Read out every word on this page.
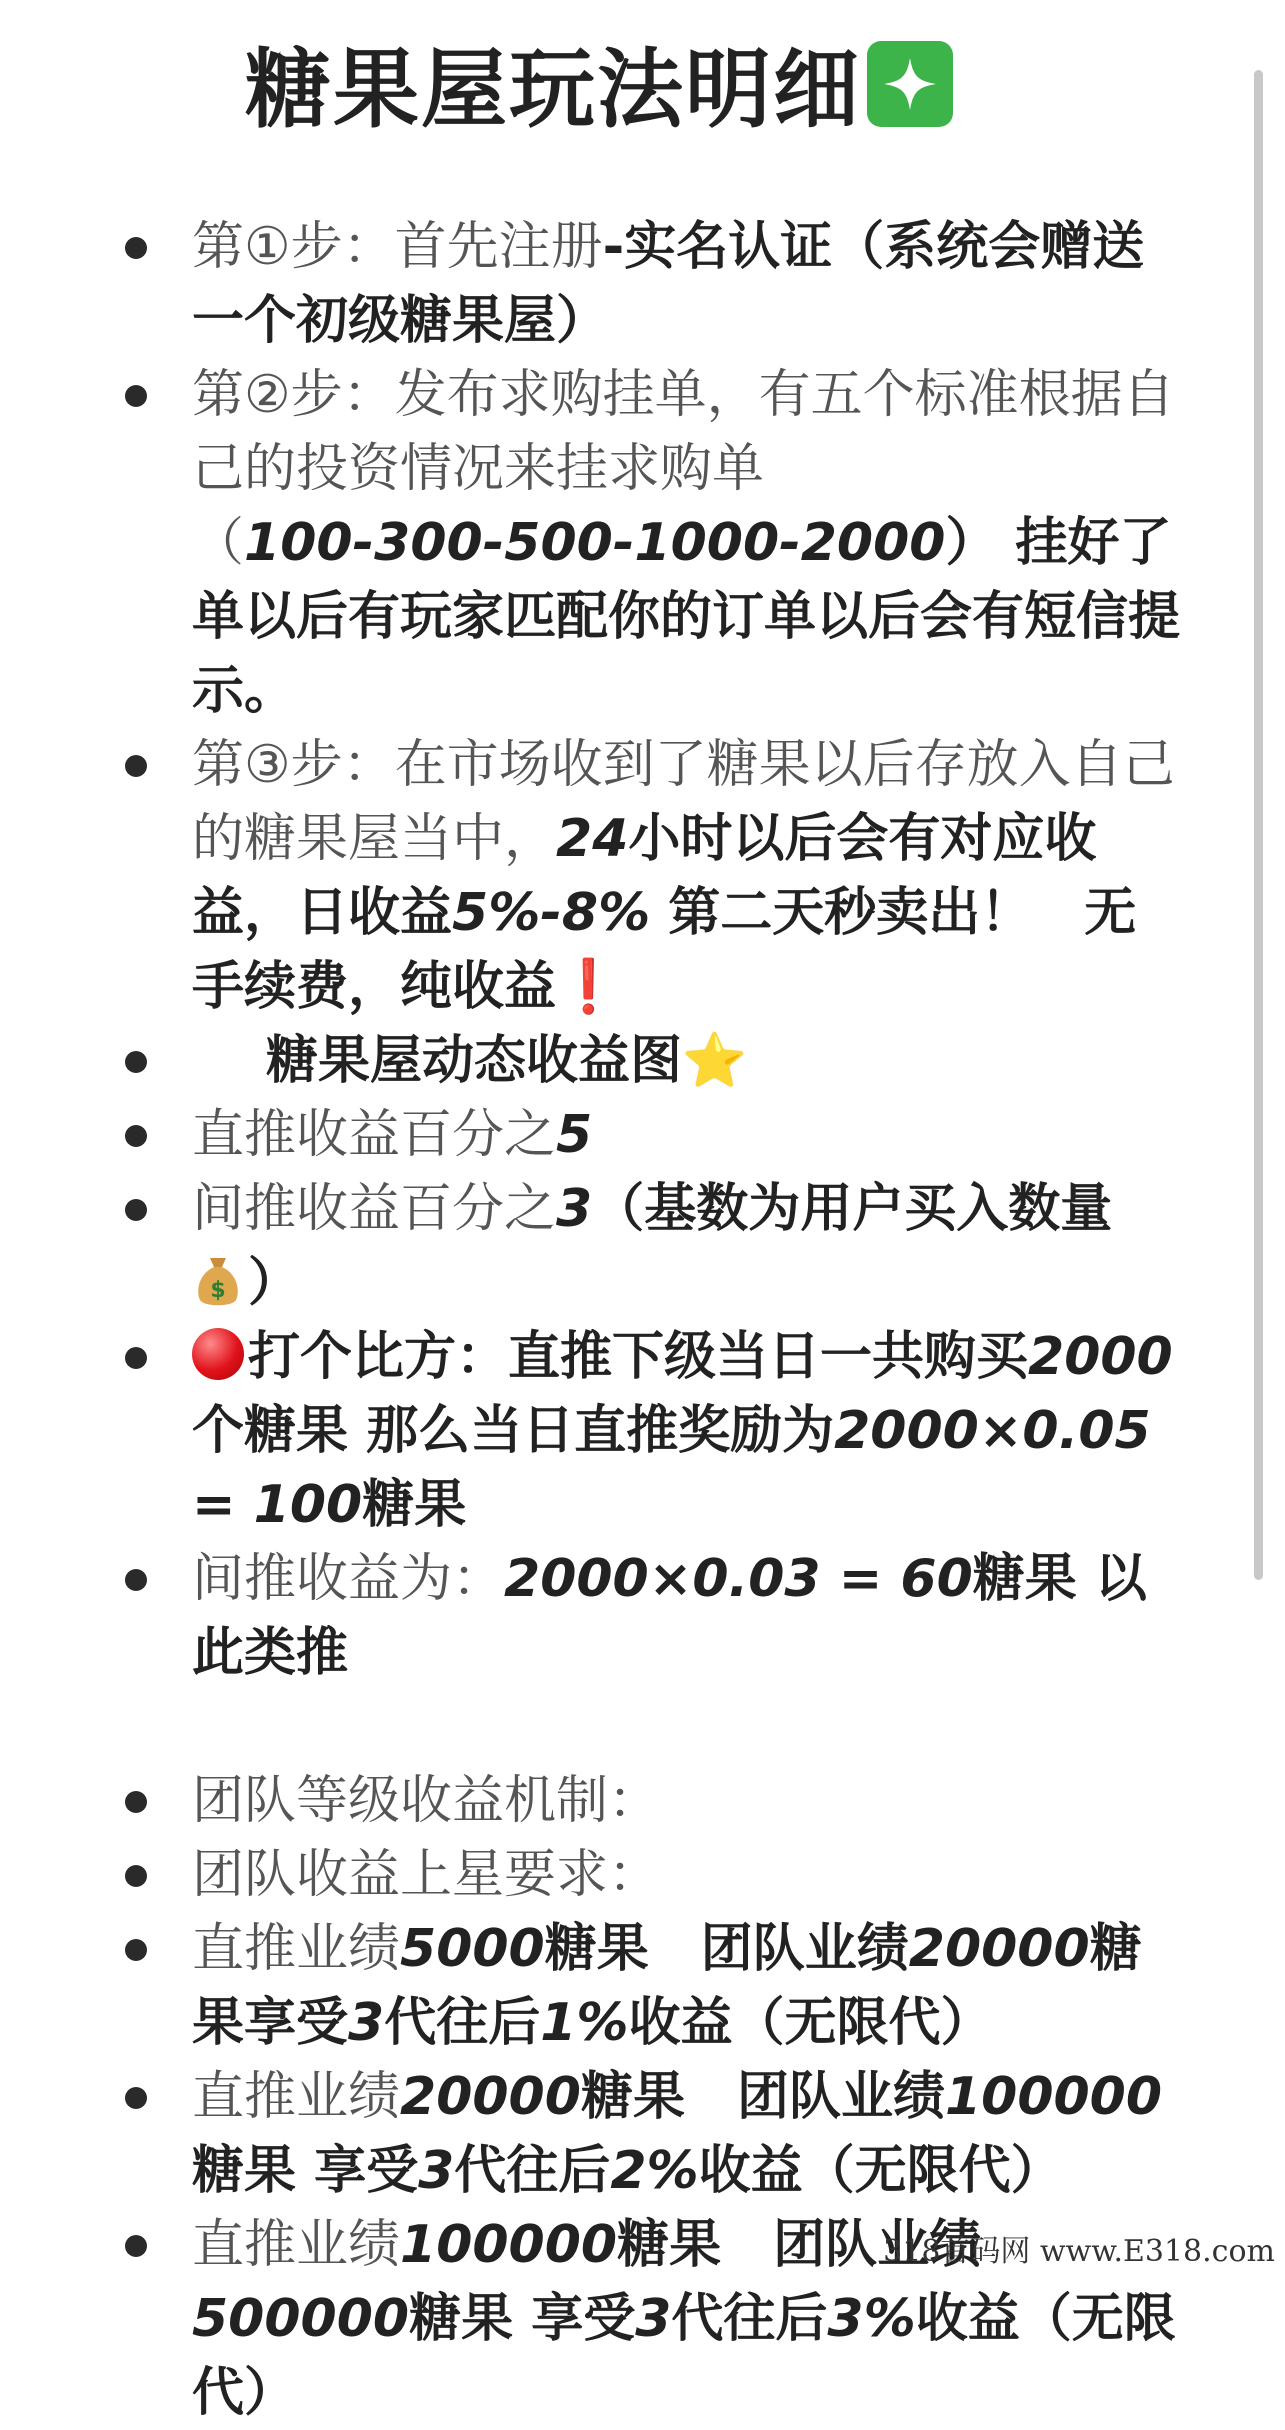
糖果屋玩法明细
第①步：首先注册-实名认证（系统会赠送一个初级糖果屋）
第②步：发布求购挂单，有五个标准根据自己的投资情况来挂求购单
（100-300-500-1000-2000） 挂好了单以后有玩家匹配你的订单以后会有短信提示。
第③步：在市场收到了糖果以后存放入自己的糖果屋当中，24小时以后会有对应收益，日收益5%-8% 第二天秒卖出！　无手续费，纯收益❗
糖果屋动态收益图⭐
直推收益百分之5
间推收益百分之3（基数为用户买入数量

$ ）
打个比方：直推下级当日一共购买2000个糖果 那么当日直推奖励为2000×0.05 = 100糖果
间推收益为：2000×0.03 = 60糖果 以此类推
团队等级收益机制：
团队收益上星要求：
直推业绩5000糖果　团队业绩20000糖果享受3代往后1%收益（无限代）
直推业绩20000糖果　团队业绩100000糖果 享受3代往后2%收益（无限代）
直推业绩100000糖果　团队业绩500000糖果 享受3代往后3%收益（无限代）
318首码网 www.E318.com
